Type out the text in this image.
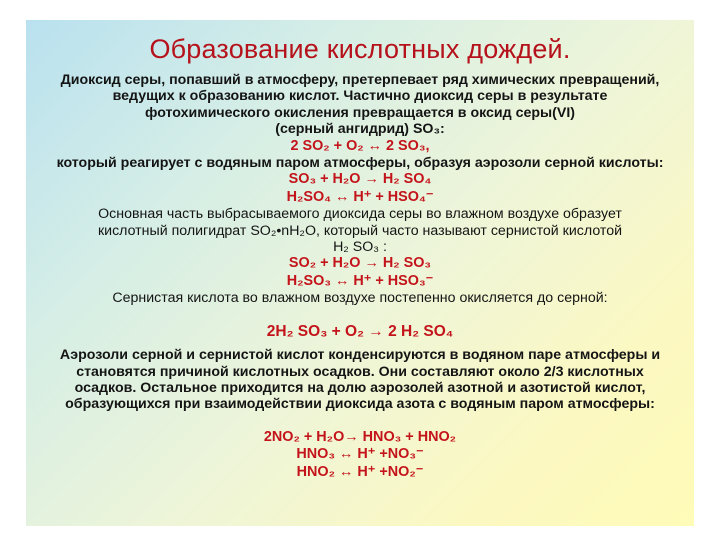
Образование кислотных дождей.

Диоксид серы, попавший в атмосферу, претерпевает ряд химических превращений,

ведущих к образованию кислот. Частично диоксид серы в результате

фотохимического окисления превращается в оксид серы(VI)

(серный ангидрид) SO₃:

2 SO₂ + O₂ ↔ 2 SO₃,

который реагирует с водяным паром атмосферы, образуя аэрозоли серной кислоты:

SO₃ + H₂O → H₂ SO₄

H₂SO₄ ↔ H⁺ + HSO₄⁻

Основная часть выбрасываемого диоксида серы во влажном воздухе образует

кислотный полигидрат SO₂•nH₂O, который часто называют сернистой кислотой

H₂ SO₃ :

SO₂ + H₂O → H₂ SO₃

H₂SO₃ ↔ H⁺ + HSO₃⁻

Сернистая кислота во влажном воздухе постепенно окисляется до серной:

2H₂ SO₃ + O₂ → 2 H₂ SO₄

Аэрозоли серной и сернистой кислот конденсируются в водяном паре атмосферы и

становятся причиной кислотных осадков. Они составляют около 2/3 кислотных

осадков. Остальное приходится на долю аэрозолей азотной и азотистой кислот,

образующихся при взаимодействии диоксида азота с водяным паром атмосферы:

2NO₂ + H₂O→ HNO₃ + HNO₂

HNO₃ ↔ H⁺ +NO₃⁻

HNO₂ ↔ H⁺ +NO₂⁻
